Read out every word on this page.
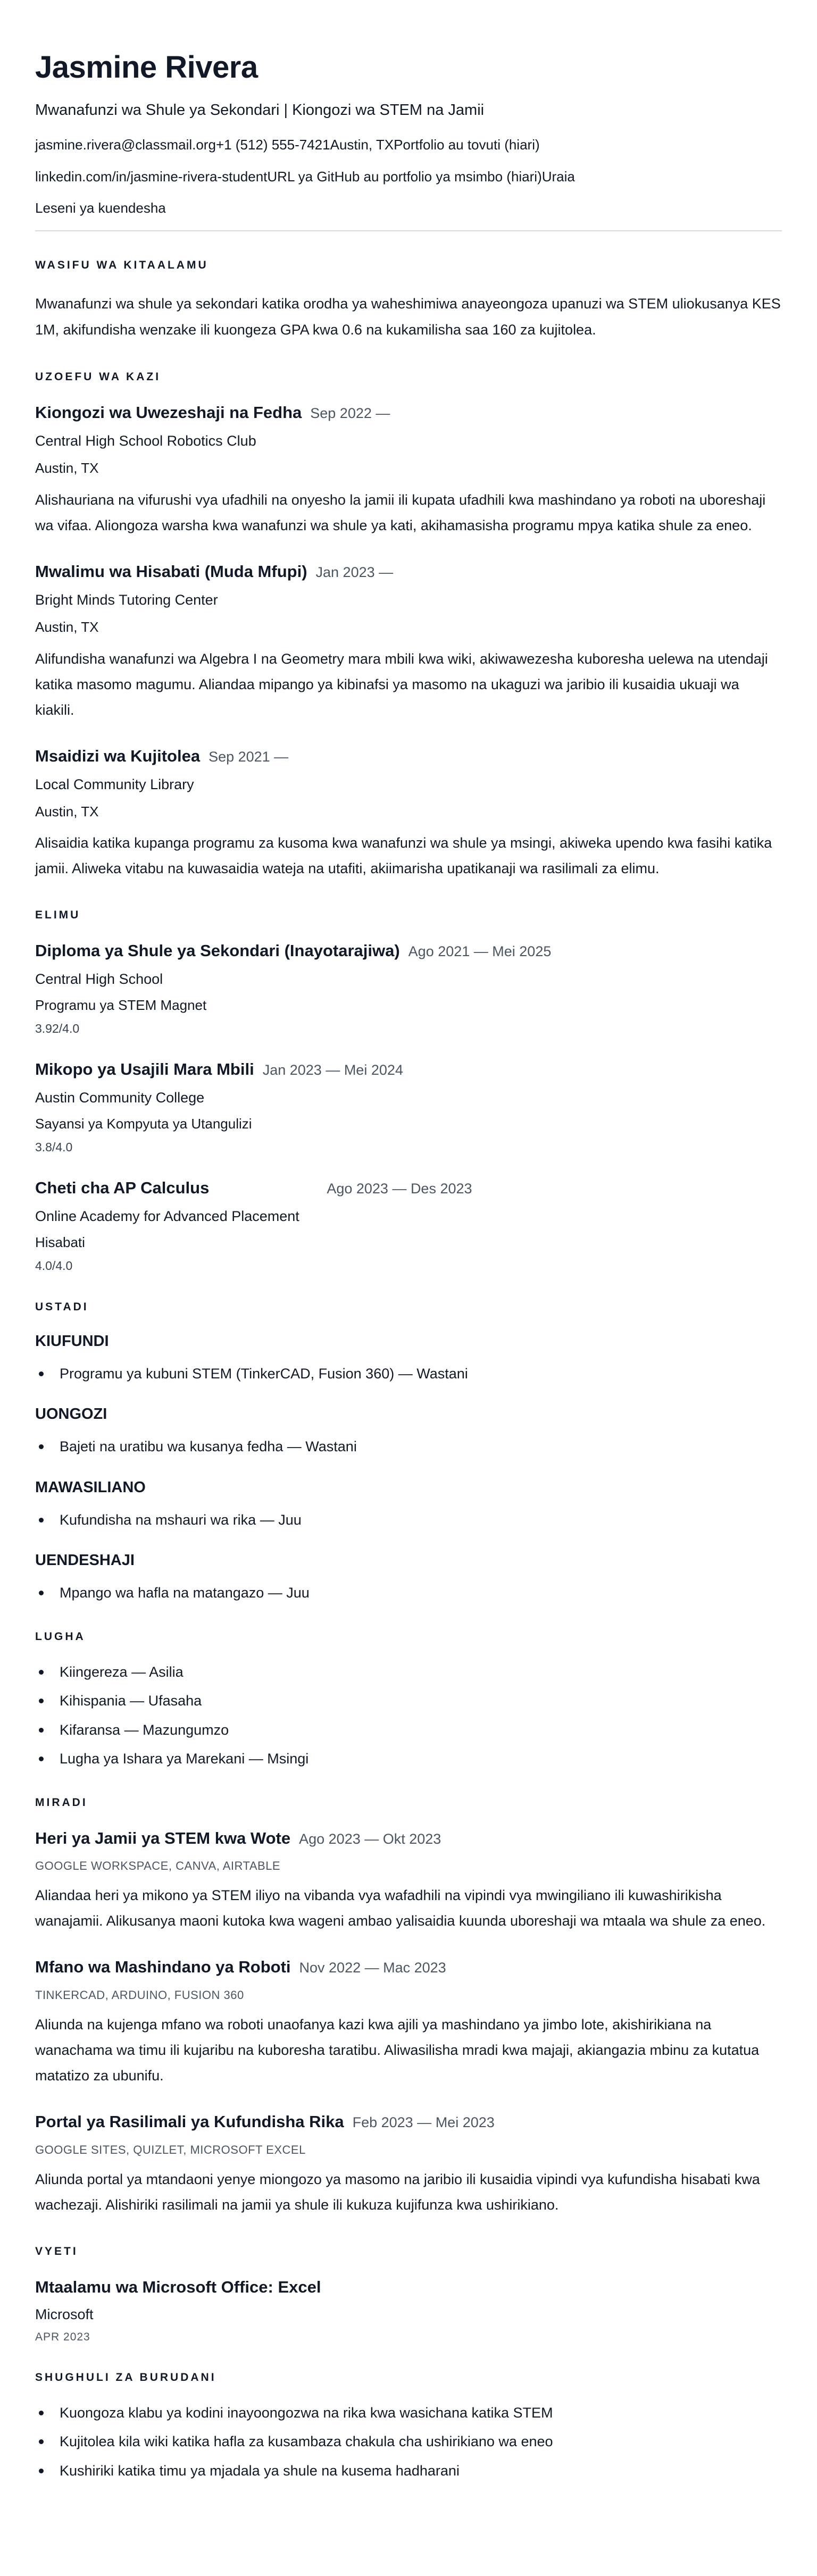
Jasmine Rivera
Mwanafunzi wa Shule ya Sekondari | Kiongozi wa STEM na Jamii
jasmine.rivera@classmail.org+1 (512) 555-7421Austin, TXPortfolio au tovuti (hiari)
linkedin.com/in/jasmine-rivera-studentURL ya GitHub au portfolio ya msimbo (hiari)Uraia
Leseni ya kuendesha
WASIFU WA KITAALAMU

Mwanafunzi wa shule ya sekondari katika orodha ya waheshimiwa anayeongoza upanuzi wa STEM uliokusanya KES 1M, akifundisha wenzake ili kuongeza GPA kwa 0.6 na kukamilisha saa 160 za kujitolea.

UZOEFU WA KAZI
Kiongozi wa Uwezeshaji na Fedha Sep 2022 —
Central High School Robotics Club
Austin, TX

Alishauriana na vifurushi vya ufadhili na onyesho la jamii ili kupata ufadhili kwa mashindano ya roboti na uboreshaji wa vifaa. Aliongoza warsha kwa wanafunzi wa shule ya kati, akihamasisha programu mpya katika shule za eneo.

Mwalimu wa Hisabati (Muda Mfupi) Jan 2023 —
Bright Minds Tutoring Center
Austin, TX

Alifundisha wanafunzi wa Algebra I na Geometry mara mbili kwa wiki, akiwawezesha kuboresha uelewa na utendaji katika masomo magumu. Aliandaa mipango ya kibinafsi ya masomo na ukaguzi wa jaribio ili kusaidia ukuaji wa kiakili.

Msaidizi wa Kujitolea Sep 2021 —
Local Community Library
Austin, TX

Alisaidia katika kupanga programu za kusoma kwa wanafunzi wa shule ya msingi, akiweka upendo kwa fasihi katika jamii. Aliweka vitabu na kuwasaidia wateja na utafiti, akiimarisha upatikanaji wa rasilimali za elimu.

ELIMU
Diploma ya Shule ya Sekondari (Inayotarajiwa) Ago 2021 — Mei 2025
Central High School
Programu ya STEM Magnet
3.92/4.0
Mikopo ya Usajili Mara Mbili Jan 2023 — Mei 2024
Austin Community College
Sayansi ya Kompyuta ya Utangulizi
3.8/4.0
Cheti cha AP Calculus	Ago 2023 — Des 2023
Online Academy for Advanced Placement
Hisabati
4.0/4.0
USTADI
KIUFUNDI
Programu ya kubuni STEM (TinkerCAD, Fusion 360) — Wastani
UONGOZI
Bajeti na uratibu wa kusanya fedha — Wastani
MAWASILIANO
Kufundisha na mshauri wa rika — Juu
UENDESHAJI
Mpango wa hafla na matangazo — Juu
LUGHA
Kiingereza — Asilia
Kihispania — Ufasaha
Kifaransa — Mazungumzo
Lugha ya Ishara ya Marekani — Msingi
MIRADI
Heri ya Jamii ya STEM kwa Wote Ago 2023 — Okt 2023
GOOGLE WORKSPACE, CANVA, AIRTABLE

Aliandaa heri ya mikono ya STEM iliyo na vibanda vya wafadhili na vipindi vya mwingiliano ili kuwashirikisha wanajamii. Alikusanya maoni kutoka kwa wageni ambao yalisaidia kuunda uboreshaji wa mtaala wa shule za eneo.

Mfano wa Mashindano ya Roboti Nov 2022 — Mac 2023
TINKERCAD, ARDUINO, FUSION 360

Aliunda na kujenga mfano wa roboti unaofanya kazi kwa ajili ya mashindano ya jimbo lote, akishirikiana na wanachama wa timu ili kujaribu na kuboresha taratibu. Aliwasilisha mradi kwa majaji, akiangazia mbinu za kutatua matatizo za ubunifu.

Portal ya Rasilimali ya Kufundisha Rika Feb 2023 — Mei 2023
GOOGLE SITES, QUIZLET, MICROSOFT EXCEL

Aliunda portal ya mtandaoni yenye miongozo ya masomo na jaribio ili kusaidia vipindi vya kufundisha hisabati kwa wachezaji. Alishiriki rasilimali na jamii ya shule ili kukuza kujifunza kwa ushirikiano.

VYETI
Mtaalamu wa Microsoft Office: Excel
Microsoft
APR 2023
SHUGHULI ZA BURUDANI
Kuongoza klabu ya kodini inayoongozwa na rika kwa wasichana katika STEM
Kujitolea kila wiki katika hafla za kusambaza chakula cha ushirikiano wa eneo
Kushiriki katika timu ya mjadala ya shule na kusema hadharani
